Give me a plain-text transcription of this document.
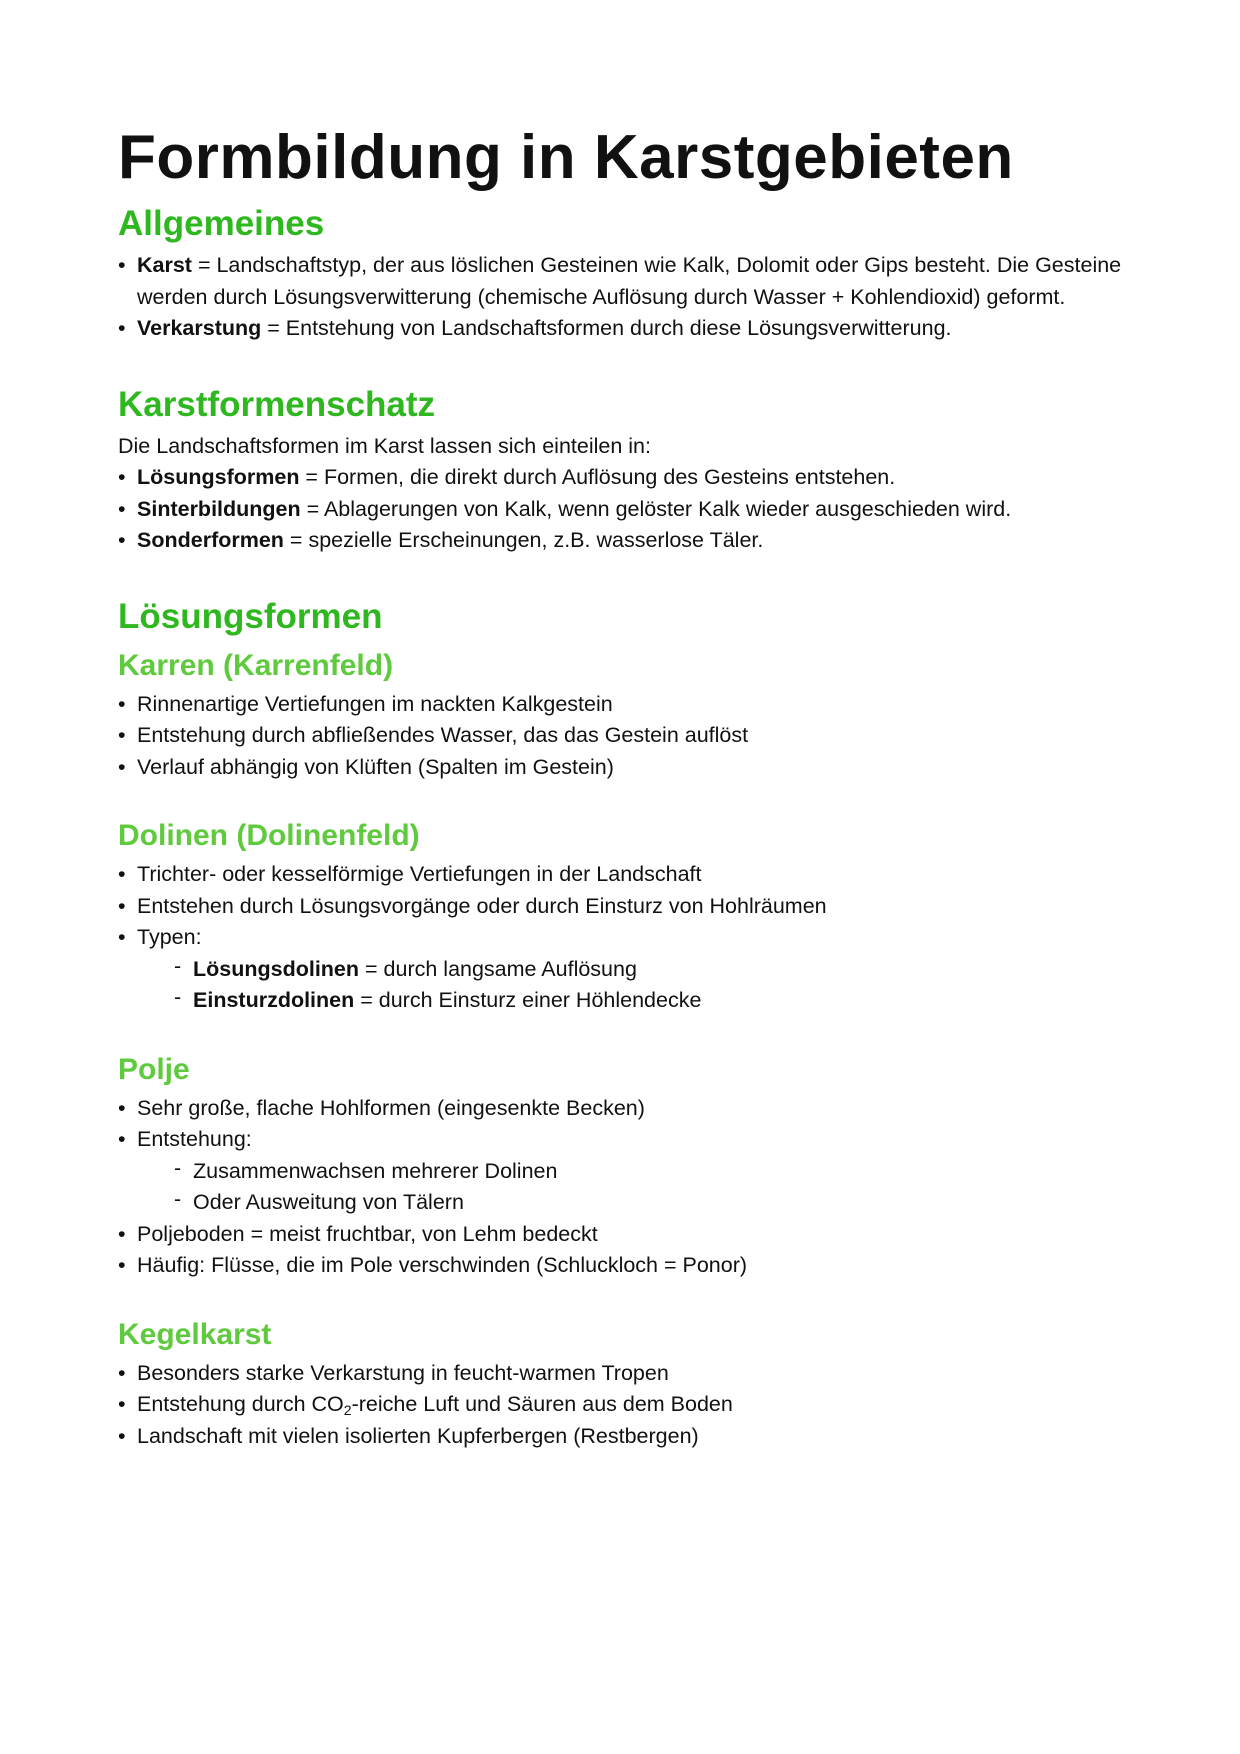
Formbildung in Karstgebieten
Allgemeines
• Karst = Landschaftstyp, der aus löslichen Gesteinen wie Kalk, Dolomit oder Gips besteht. Die Gesteine werden durch Lösungsverwitterung (chemische Auflösung durch Wasser + Kohlendioxid) geformt.
• Verkarstung = Entstehung von Landschaftsformen durch diese Lösungsverwitterung.
Karstformenschatz

Die Landschaftsformen im Karst lassen sich einteilen in:

• Lösungsformen = Formen, die direkt durch Auflösung des Gesteins entstehen.
• Sinterbildungen = Ablagerungen von Kalk, wenn gelöster Kalk wieder ausgeschieden wird.
• Sonderformen = spezielle Erscheinungen, z.B. wasserlose Täler.
Lösungsformen
Karren (Karrenfeld)
• Rinnenartige Vertiefungen im nackten Kalkgestein
• Entstehung durch abfließendes Wasser, das das Gestein auflöst
• Verlauf abhängig von Klüften (Spalten im Gestein)
Dolinen (Dolinenfeld)
• Trichter- oder kesselförmige Vertiefungen in der Landschaft
• Entstehen durch Lösungsvorgänge oder durch Einsturz von Hohlräumen
• Typen:
- Lösungsdolinen = durch langsame Auflösung
- Einsturzdolinen = durch Einsturz einer Höhlendecke
Polje
• Sehr große, flache Hohlformen (eingesenkte Becken)
• Entstehung:
- Zusammenwachsen mehrerer Dolinen
- Oder Ausweitung von Tälern
• Poljeboden = meist fruchtbar, von Lehm bedeckt
• Häufig: Flüsse, die im Pole verschwinden (Schluckloch = Ponor)
Kegelkarst
• Besonders starke Verkarstung in feucht-warmen Tropen
• Entstehung durch $CO_2$-reiche Luft und Säuren aus dem Boden
• Landschaft mit vielen isolierten Kupferbergen (Restbergen)
